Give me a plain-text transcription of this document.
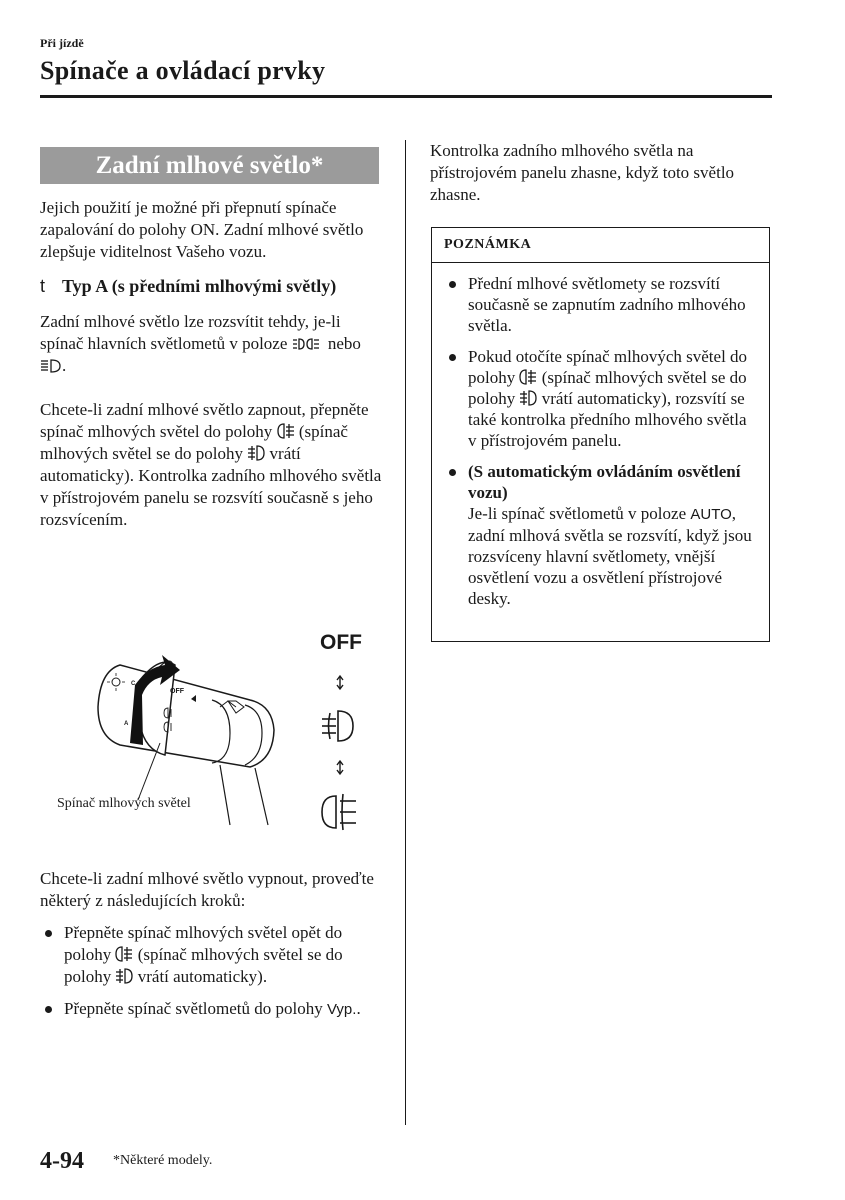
Při jízdě
Spínače a ovládací prvky
Zadní mlhové světlo*

Jejich použití je možné při přepnutí spínače zapalování do polohy ON. Zadní mlhové světlo zlepšuje viditelnost Vašeho vozu.

t Typ A (s předními mlhovými světly)

Zadní mlhové světlo lze rozsvítit tehdy, je-li spínač hlavních světlometů v poloze nebo .

Chcete-li zadní mlhové světlo zapnout, přepněte spínač mlhových světel do polohy (spínač mlhových světel se do polohy vrátí automaticky). Kontrolka zadního mlhového světla v přístrojovém panelu se rozsvítí současně s jeho rozsvícením.

OFF
C
A
OFF
Spínač mlhových světel

Chcete-li zadní mlhové světlo vypnout, proveďte některý z následujících kroků:

Přepněte spínač mlhových světel opět do polohy (spínač mlhových světel se do polohy vrátí automaticky).
Přepněte spínač světlometů do polohy Vyp..
Kontrolka zadního mlhového světla na přístrojovém panelu zhasne, když toto světlo zhasne.
POZNÁMKA
Přední mlhové světlomety se rozsvítí současně se zapnutím zadního mlhového světla.
Pokud otočíte spínač mlhových světel do polohy (spínač mlhových světel se do polohy vrátí automaticky), rozsvítí se také kontrolka předního mlhového světla v přístrojovém panelu.
(S automatickým ovládáním osvětlení vozu)
Je-li spínač světlometů v poloze AUTO, zadní mlhová světla se rozsvítí, když jsou rozsvíceny hlavní světlomety, vnější osvětlení vozu a osvětlení přístrojové desky.
4-94 *Některé modely.
